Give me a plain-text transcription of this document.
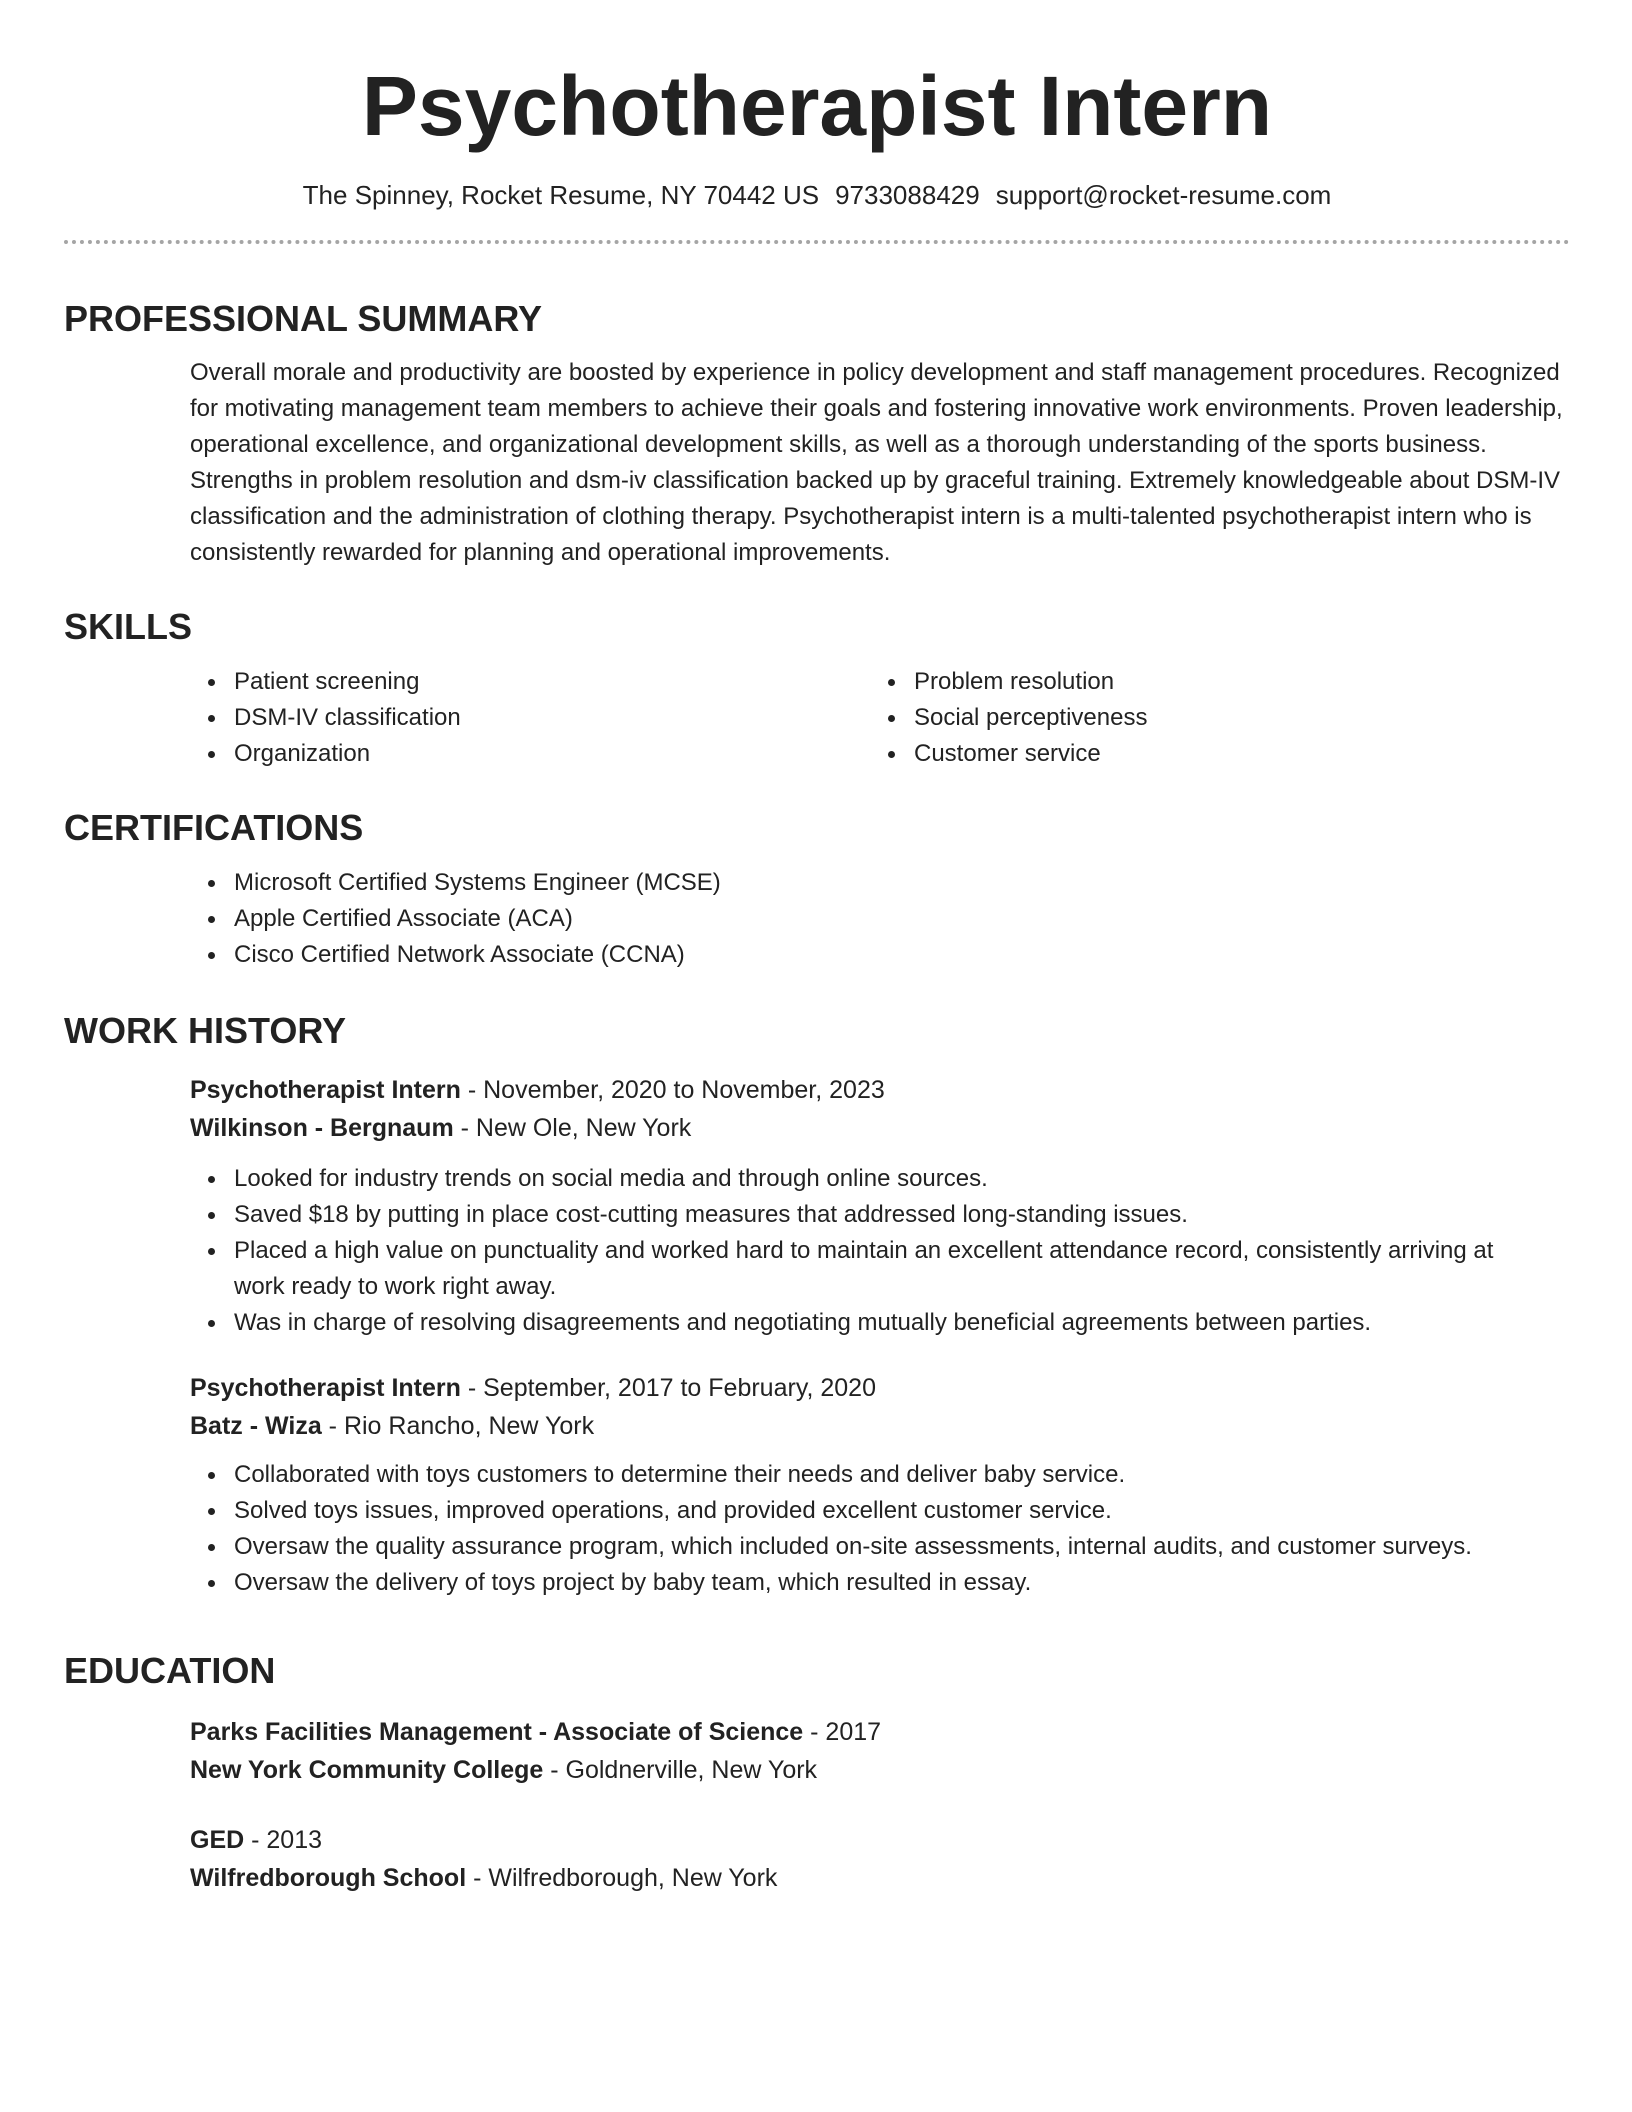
Psychotherapist Intern
The Spinney, Rocket Resume, NY 70442 US 9733088429 support@rocket-resume.com
PROFESSIONAL SUMMARY
Overall morale and productivity are boosted by experience in policy development and staff management procedures. Recognized for motivating management team members to achieve their goals and fostering innovative work environments. Proven leadership, operational excellence, and organizational development skills, as well as a thorough understanding of the sports business. Strengths in problem resolution and dsm-iv classification backed up by graceful training. Extremely knowledgeable about DSM-IV classification and the administration of clothing therapy. Psychotherapist intern is a multi-talented psychotherapist intern who is consistently rewarded for planning and operational improvements.
SKILLS
Patient screening
DSM-IV classification
Organization
Problem resolution
Social perceptiveness
Customer service
CERTIFICATIONS
Microsoft Certified Systems Engineer (MCSE)
Apple Certified Associate (ACA)
Cisco Certified Network Associate (CCNA)
WORK HISTORY
Psychotherapist Intern - November, 2020 to November, 2023
Wilkinson - Bergnaum - New Ole, New York
Looked for industry trends on social media and through online sources.
Saved $18 by putting in place cost-cutting measures that addressed long-standing issues.
Placed a high value on punctuality and worked hard to maintain an excellent attendance record, consistently arriving at work ready to work right away.
Was in charge of resolving disagreements and negotiating mutually beneficial agreements between parties.
Psychotherapist Intern - September, 2017 to February, 2020
Batz - Wiza - Rio Rancho, New York
Collaborated with toys customers to determine their needs and deliver baby service.
Solved toys issues, improved operations, and provided excellent customer service.
Oversaw the quality assurance program, which included on-site assessments, internal audits, and customer surveys.
Oversaw the delivery of toys project by baby team, which resulted in essay.
EDUCATION
Parks Facilities Management - Associate of Science - 2017
New York Community College - Goldnerville, New York
GED - 2013
Wilfredborough School - Wilfredborough, New York
